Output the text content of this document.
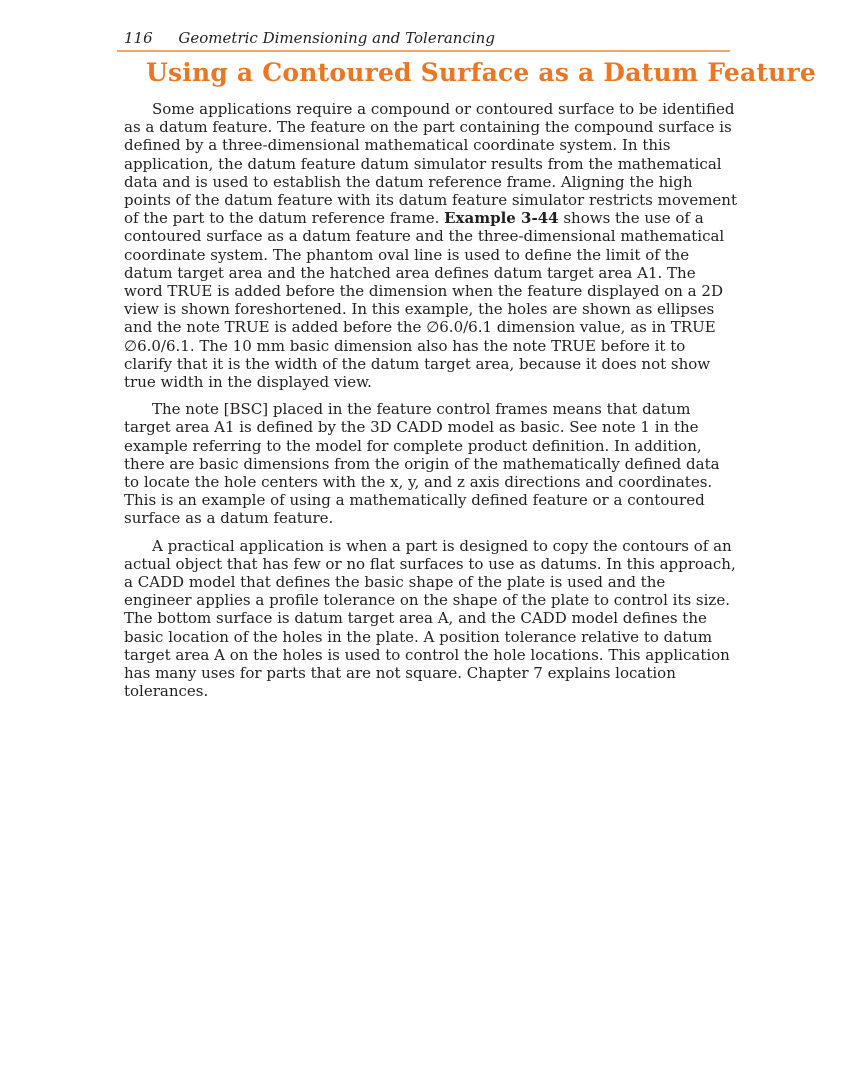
116 Geometric Dimensioning and Tolerancing
Using a Contoured Surface as a Datum Feature

Some applications require a compound or contoured surface to be identified as a datum feature. The feature on the part containing the compound surface is defined by a three-dimensional mathematical coordinate system. In this application, the datum feature datum simulator results from the mathematical data and is used to establish the datum reference frame. Aligning the high points of the datum feature with its datum feature simulator restricts movement of the part to the datum reference frame. Example 3-44 shows the use of a contoured surface as a datum feature and the three-dimensional mathematical coordinate system. The phantom oval line is used to define the limit of the datum target area and the hatched area defines datum target area A1. The word TRUE is added before the dimension when the feature displayed on a 2D view is shown foreshortened. In this example, the holes are shown as ellipses and the note TRUE is added before the ∅6.0/6.1 dimension value, as in TRUE ∅6.0/6.1. The 10 mm basic dimension also has the note TRUE before it to clarify that it is the width of the datum target area, because it does not show true width in the displayed view.

The note [BSC] placed in the feature control frames means that datum target area A1 is defined by the 3D CADD model as basic. See note 1 in the example referring to the model for complete product definition. In addition, there are basic dimensions from the origin of the mathematically defined data to locate the hole centers with the x, y, and z axis directions and coordinates. This is an example of using a mathematically defined feature or a contoured surface as a datum feature.

A practical application is when a part is designed to copy the contours of an actual object that has few or no flat surfaces to use as datums. In this approach, a CADD model that defines the basic shape of the plate is used and the engineer applies a profile tolerance on the shape of the plate to control its size. The bottom surface is datum target area A, and the CADD model defines the basic location of the holes in the plate. A position tolerance relative to datum target area A on the holes is used to control the hole locations. This application has many uses for parts that are not square. Chapter 7 explains location tolerances.
